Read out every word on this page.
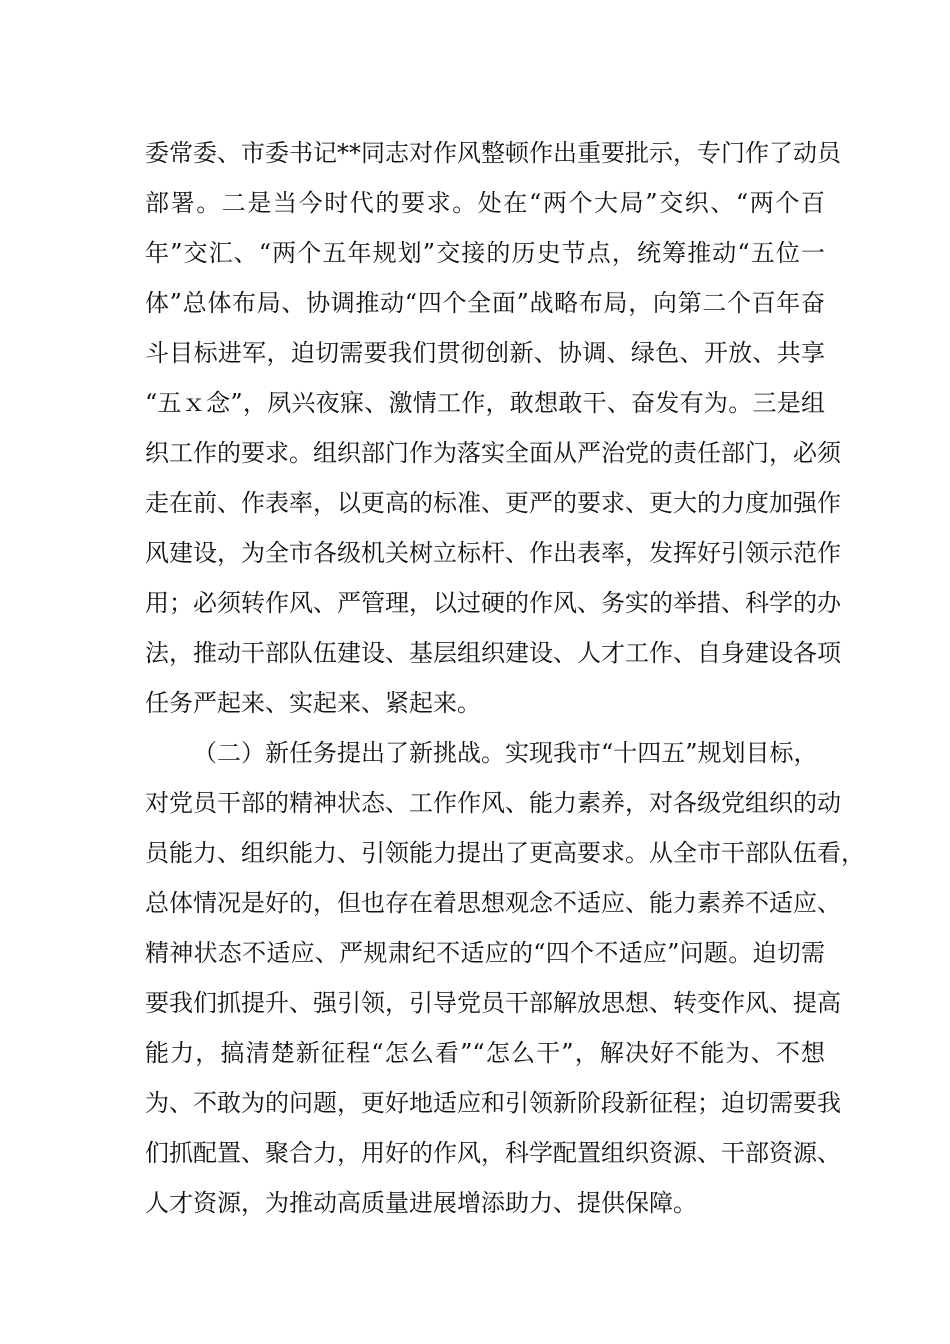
委常委、市委书记**同志对作风整顿作出重要批示，专门作了动员
部署。二是当今时代的要求。处在“两个大局”交织、“两个百
年”交汇、“两个五年规划”交接的历史节点，统筹推动“五位一
体”总体布局、协调推动“四个全面”战略布局，向第二个百年奋
斗目标进军，迫切需要我们贯彻创新、协调、绿色、开放、共享
“五ｘ念”，夙兴夜寐、激情工作，敢想敢干、奋发有为。三是组
织工作的要求。组织部门作为落实全面从严治党的责任部门，必须
走在前、作表率，以更高的标准、更严的要求、更大的力度加强作
风建设，为全市各级机关树立标杆、作出表率，发挥好引领示范作
用；必须转作风、严管理，以过硬的作风、务实的举措、科学的办
法，推动干部队伍建设、基层组织建设、人才工作、自身建设各项
任务严起来、实起来、紧起来。
（二）新任务提出了新挑战。实现我市“十四五”规划目标，
对党员干部的精神状态、工作作风、能力素养，对各级党组织的动
员能力、组织能力、引领能力提出了更高要求。从全市干部队伍看，
总体情况是好的，但也存在着思想观念不适应、能力素养不适应、
精神状态不适应、严规肃纪不适应的“四个不适应”问题。迫切需
要我们抓提升、强引领，引导党员干部解放思想、转变作风、提高
能力，搞清楚新征程“怎么看”“怎么干”，解决好不能为、不想
为、不敢为的问题，更好地适应和引领新阶段新征程；迫切需要我
们抓配置、聚合力，用好的作风，科学配置组织资源、干部资源、
人才资源，为推动高质量进展增添助力、提供保障。
